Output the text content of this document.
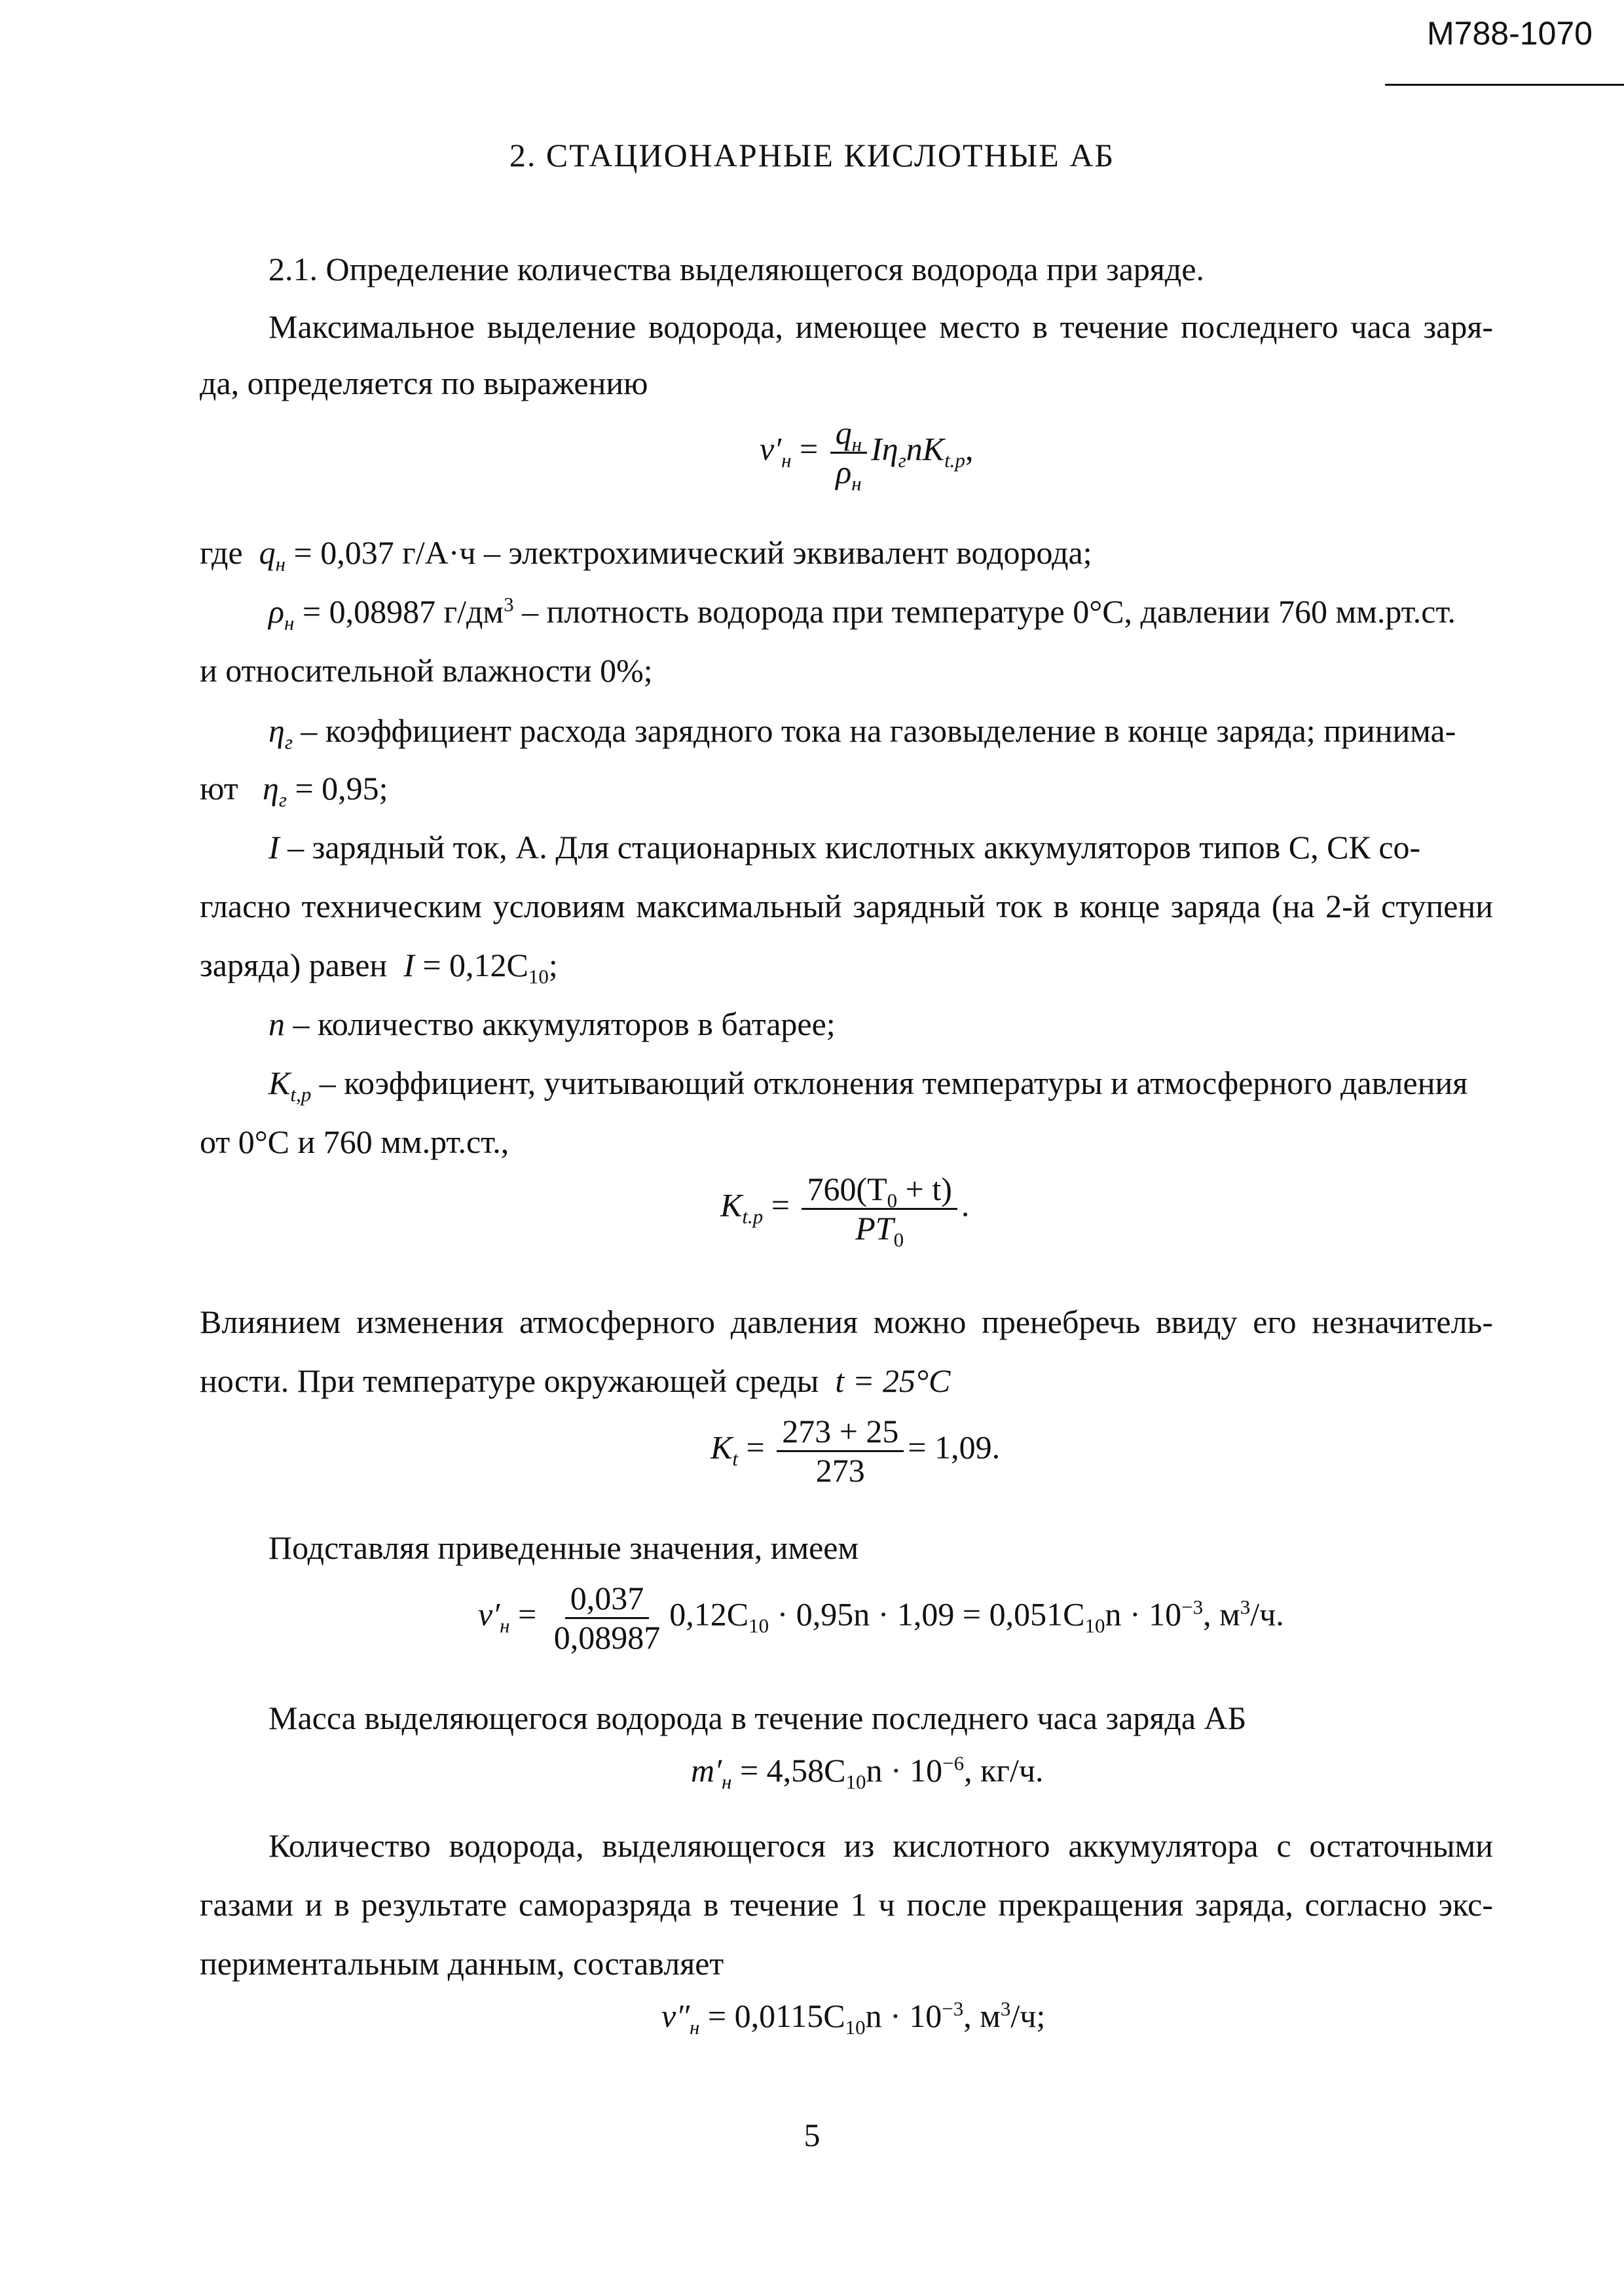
М788-1070
2. СТАЦИОНАРНЫЕ КИСЛОТНЫЕ АБ
2.1. Определение количества выделяющегося водорода при заряде.
Максимальное выделение водорода, имеющее место в течение последнего часа заря-
да, определяется по выражению
$v'_н = \frac{q_н}{\rho_н} I\eta_гnK_{t.p}$,
где $q_н = 0,037$ г/А·ч – электрохимический эквивалент водорода;
$\rho_н = 0,08987$ $г/дм^3$ – плотность водорода при температуре 0°С, давлении 760 мм.рт.ст.
и относительной влажности 0%;
$\eta_г$ – коэффициент расхода зарядного тока на газовыделение в конце заряда; принима-
ют $\eta_г = 0,95$;
I – зарядный ток, А. Для стационарных кислотных аккумуляторов типов С, СК со-
гласно техническим условиям максимальный зарядный ток в конце заряда (на 2-й ступени
заряда) равен $I = 0,12C_{10}$;
n – количество аккумуляторов в батарее;
$K_{t,p}$ – коэффициент, учитывающий отклонения температуры и атмосферного давления
от 0°С и 760 мм.рт.ст.,
$K_{t.p} = \frac{760(T_0 + t)}{PT_0}$ .
Влиянием изменения атмосферного давления можно пренебречь ввиду его незначитель-
ности. При температуре окружающей среды t = 25°C
$K_t = \frac{273 + 25}{273} = 1,09$.
Подставляя приведенные значения, имеем
$v'_н = \frac{0,037}{0,08987} 0,12C_{10} \cdot 0,95n \cdot 1,09 = 0,051C_{10}n \cdot 10^{-3}$, $м^3/ч$.
Масса выделяющегося водорода в течение последнего часа заряда АБ
$m'_н = 4,58C_{10}n \cdot 10^{-6}$, кг/ч.
Количество водорода, выделяющегося из кислотного аккумулятора с остаточными
газами и в результате саморазряда в течение 1 ч после прекращения заряда, согласно экс-
периментальным данным, составляет
$v''_н = 0,0115C_{10}n \cdot 10^{-3}$, $м^3/ч$;
5
